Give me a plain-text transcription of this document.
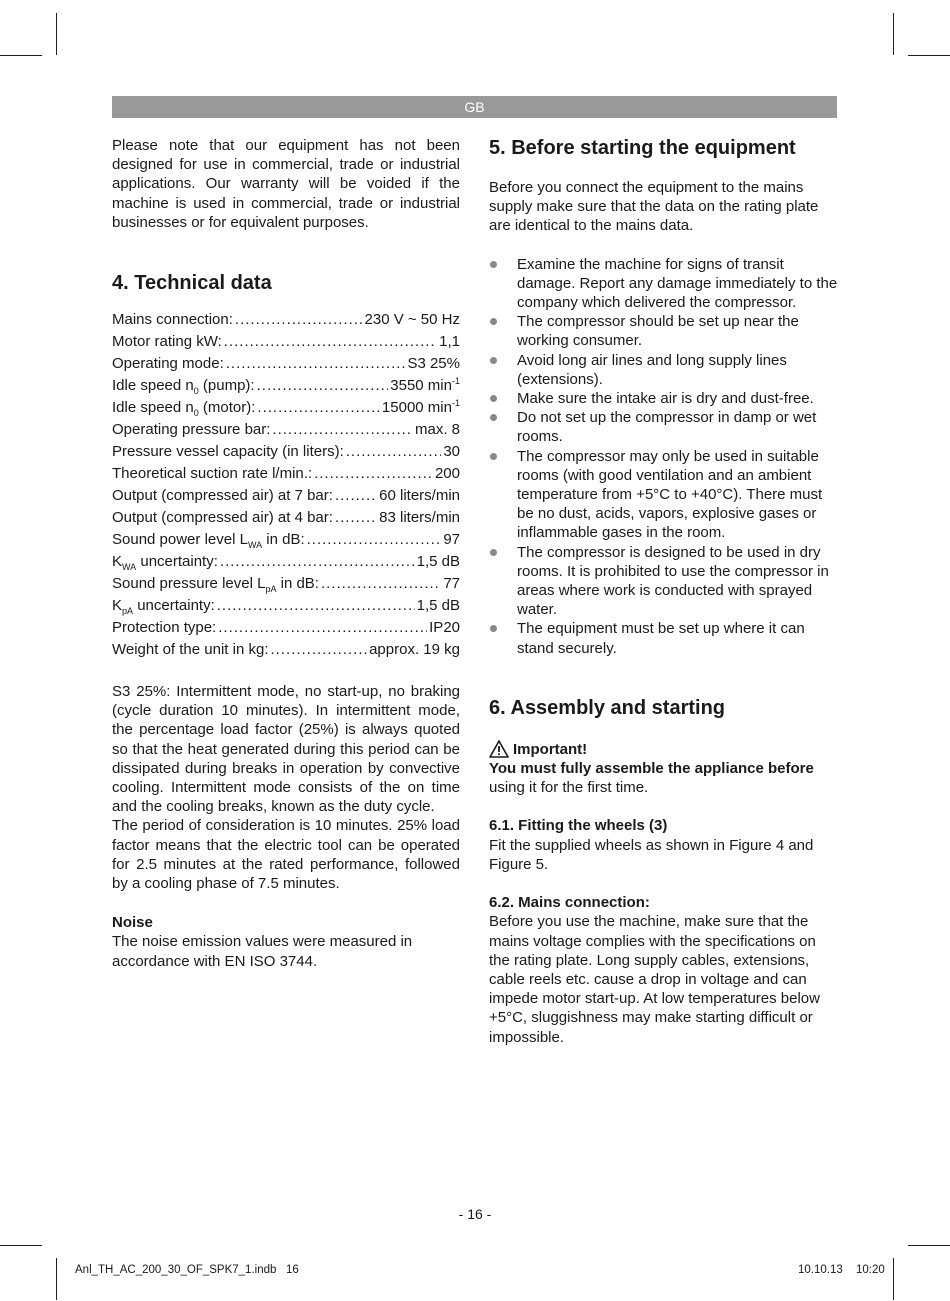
GB

Please note that our equipment has not been designed for use in commercial, trade or industrial applications. Our warranty will be voided if the machine is used in commercial, trade or industrial businesses or for equivalent purposes.

4. Technical data
Mains connection: .....	230 V ~ 50 Hz
Motor rating kW: .....	1,1
Operating mode: .....	S3 25%
Idle speed $n_0$ (pump): .....	3550 $\min^{-1}$
Idle speed $n_0$ (motor): .....	15000 $\min^{-1}$
Operating pressure bar: .....	max. 8
Pressure vessel capacity (in liters): .....	30
Theoretical suction rate l/min.: .....	200
Output (compressed air) at 7 bar: .....	60 liters/min
Output (compressed air) at 4 bar: .....	83 liters/min
Sound power level $L_{WA}$ in dB: .....	97
$K_{WA}$ uncertainty: .....	1,5 dB
Sound pressure level $L_{pA}$ in dB: .....	77
$K_{pA}$ uncertainty: .....	1,5 dB
Protection type: .....	IP20
Weight of the unit in kg: .....	approx. 19 kg

S3 25%: Intermittent mode, no start-up, no braking (cycle duration 10 minutes). In intermittent mode, the percentage load factor (25%) is always quoted so that the heat generated during this period can be dissipated during breaks in operation by convective cooling. Intermittent mode consists of the on time and the cooling breaks, known as the duty cycle.

The period of consideration is 10 minutes. 25% load factor means that the electric tool can be operated for 2.5 minutes at the rated performance, followed by a cooling phase of 7.5 minutes.

Noise

The noise emission values were measured in accordance with EN ISO 3744.

5. Before starting the equipment

Before you connect the equipment to the mains supply make sure that the data on the rating plate are identical to the mains data.

Examine the machine for signs of transit damage. Report any damage immediately to the company which delivered the compressor.
The compressor should be set up near the working consumer.
Avoid long air lines and long supply lines (extensions).
Make sure the intake air is dry and dust-free.
Do not set up the compressor in damp or wet rooms.
The compressor may only be used in suitable rooms (with good ventilation and an ambient temperature from +5°C to +40°C). There must be no dust, acids, vapors, explosive gases or inflammable gases in the room.
The compressor is designed to be used in dry rooms. It is prohibited to use the compressor in areas where work is conducted with sprayed water.
The equipment must be set up where it can stand securely.
6. Assembly and starting
Important!

You must fully assemble the appliance before

using it for the first time.

6.1. Fitting the wheels (3)

Fit the supplied wheels as shown in Figure 4 and Figure 5.

6.2. Mains connection:

Before you use the machine, make sure that the mains voltage complies with the specifications on the rating plate. Long supply cables, extensions, cable reels etc. cause a drop in voltage and can impede motor start-up. At low temperatures below +5°C, sluggishness may make starting difficult or impossible.

- 16 -
Anl_TH_AC_200_30_OF_SPK7_1.indb   16	10.10.13 10:20
